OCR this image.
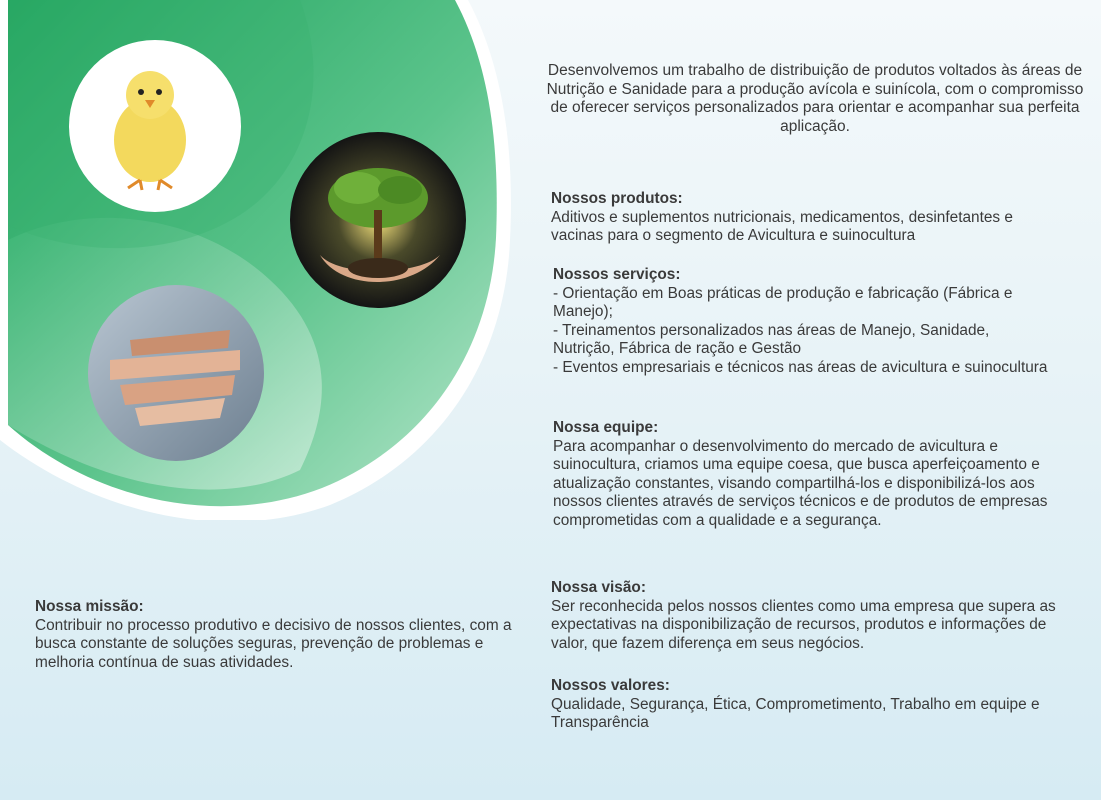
Desenvolvemos um trabalho de distribuição de produtos voltados às áreas de Nutrição e Sanidade para a produção avícola e suinícola, com o compromisso de oferecer serviços personalizados para orientar e acompanhar sua perfeita aplicação.

Nossos produtos:
Aditivos e suplementos nutricionais, medicamentos, desinfetantes e vacinas para o segmento de Avicultura e suinocultura
Nossos serviços:
- Orientação em Boas práticas de produção e fabricação (Fábrica e Manejo);
- Treinamentos personalizados nas áreas de Manejo, Sanidade, Nutrição, Fábrica de ração e Gestão
- Eventos empresariais e técnicos nas áreas de avicultura e suinocultura
Nossa equipe:
Para acompanhar o desenvolvimento do mercado de avicultura e suinocultura, criamos uma equipe coesa, que busca aperfeiçoamento e atualização constantes, visando compartilhá-los e disponibilizá-los aos nossos clientes através de serviços técnicos e de produtos de empresas comprometidas com a qualidade e a segurança.
Nossa visão:
Ser reconhecida pelos nossos clientes como uma empresa que supera as expectativas na disponibilização de recursos, produtos e informações de valor, que fazem diferença em seus negócios.
Nossos valores:
Qualidade, Segurança, Ética, Comprometimento, Trabalho em equipe e Transparência
Nossa missão:
Contribuir no processo produtivo e decisivo de nossos clientes, com a busca constante de soluções seguras, prevenção de problemas e melhoria contínua de suas atividades.
